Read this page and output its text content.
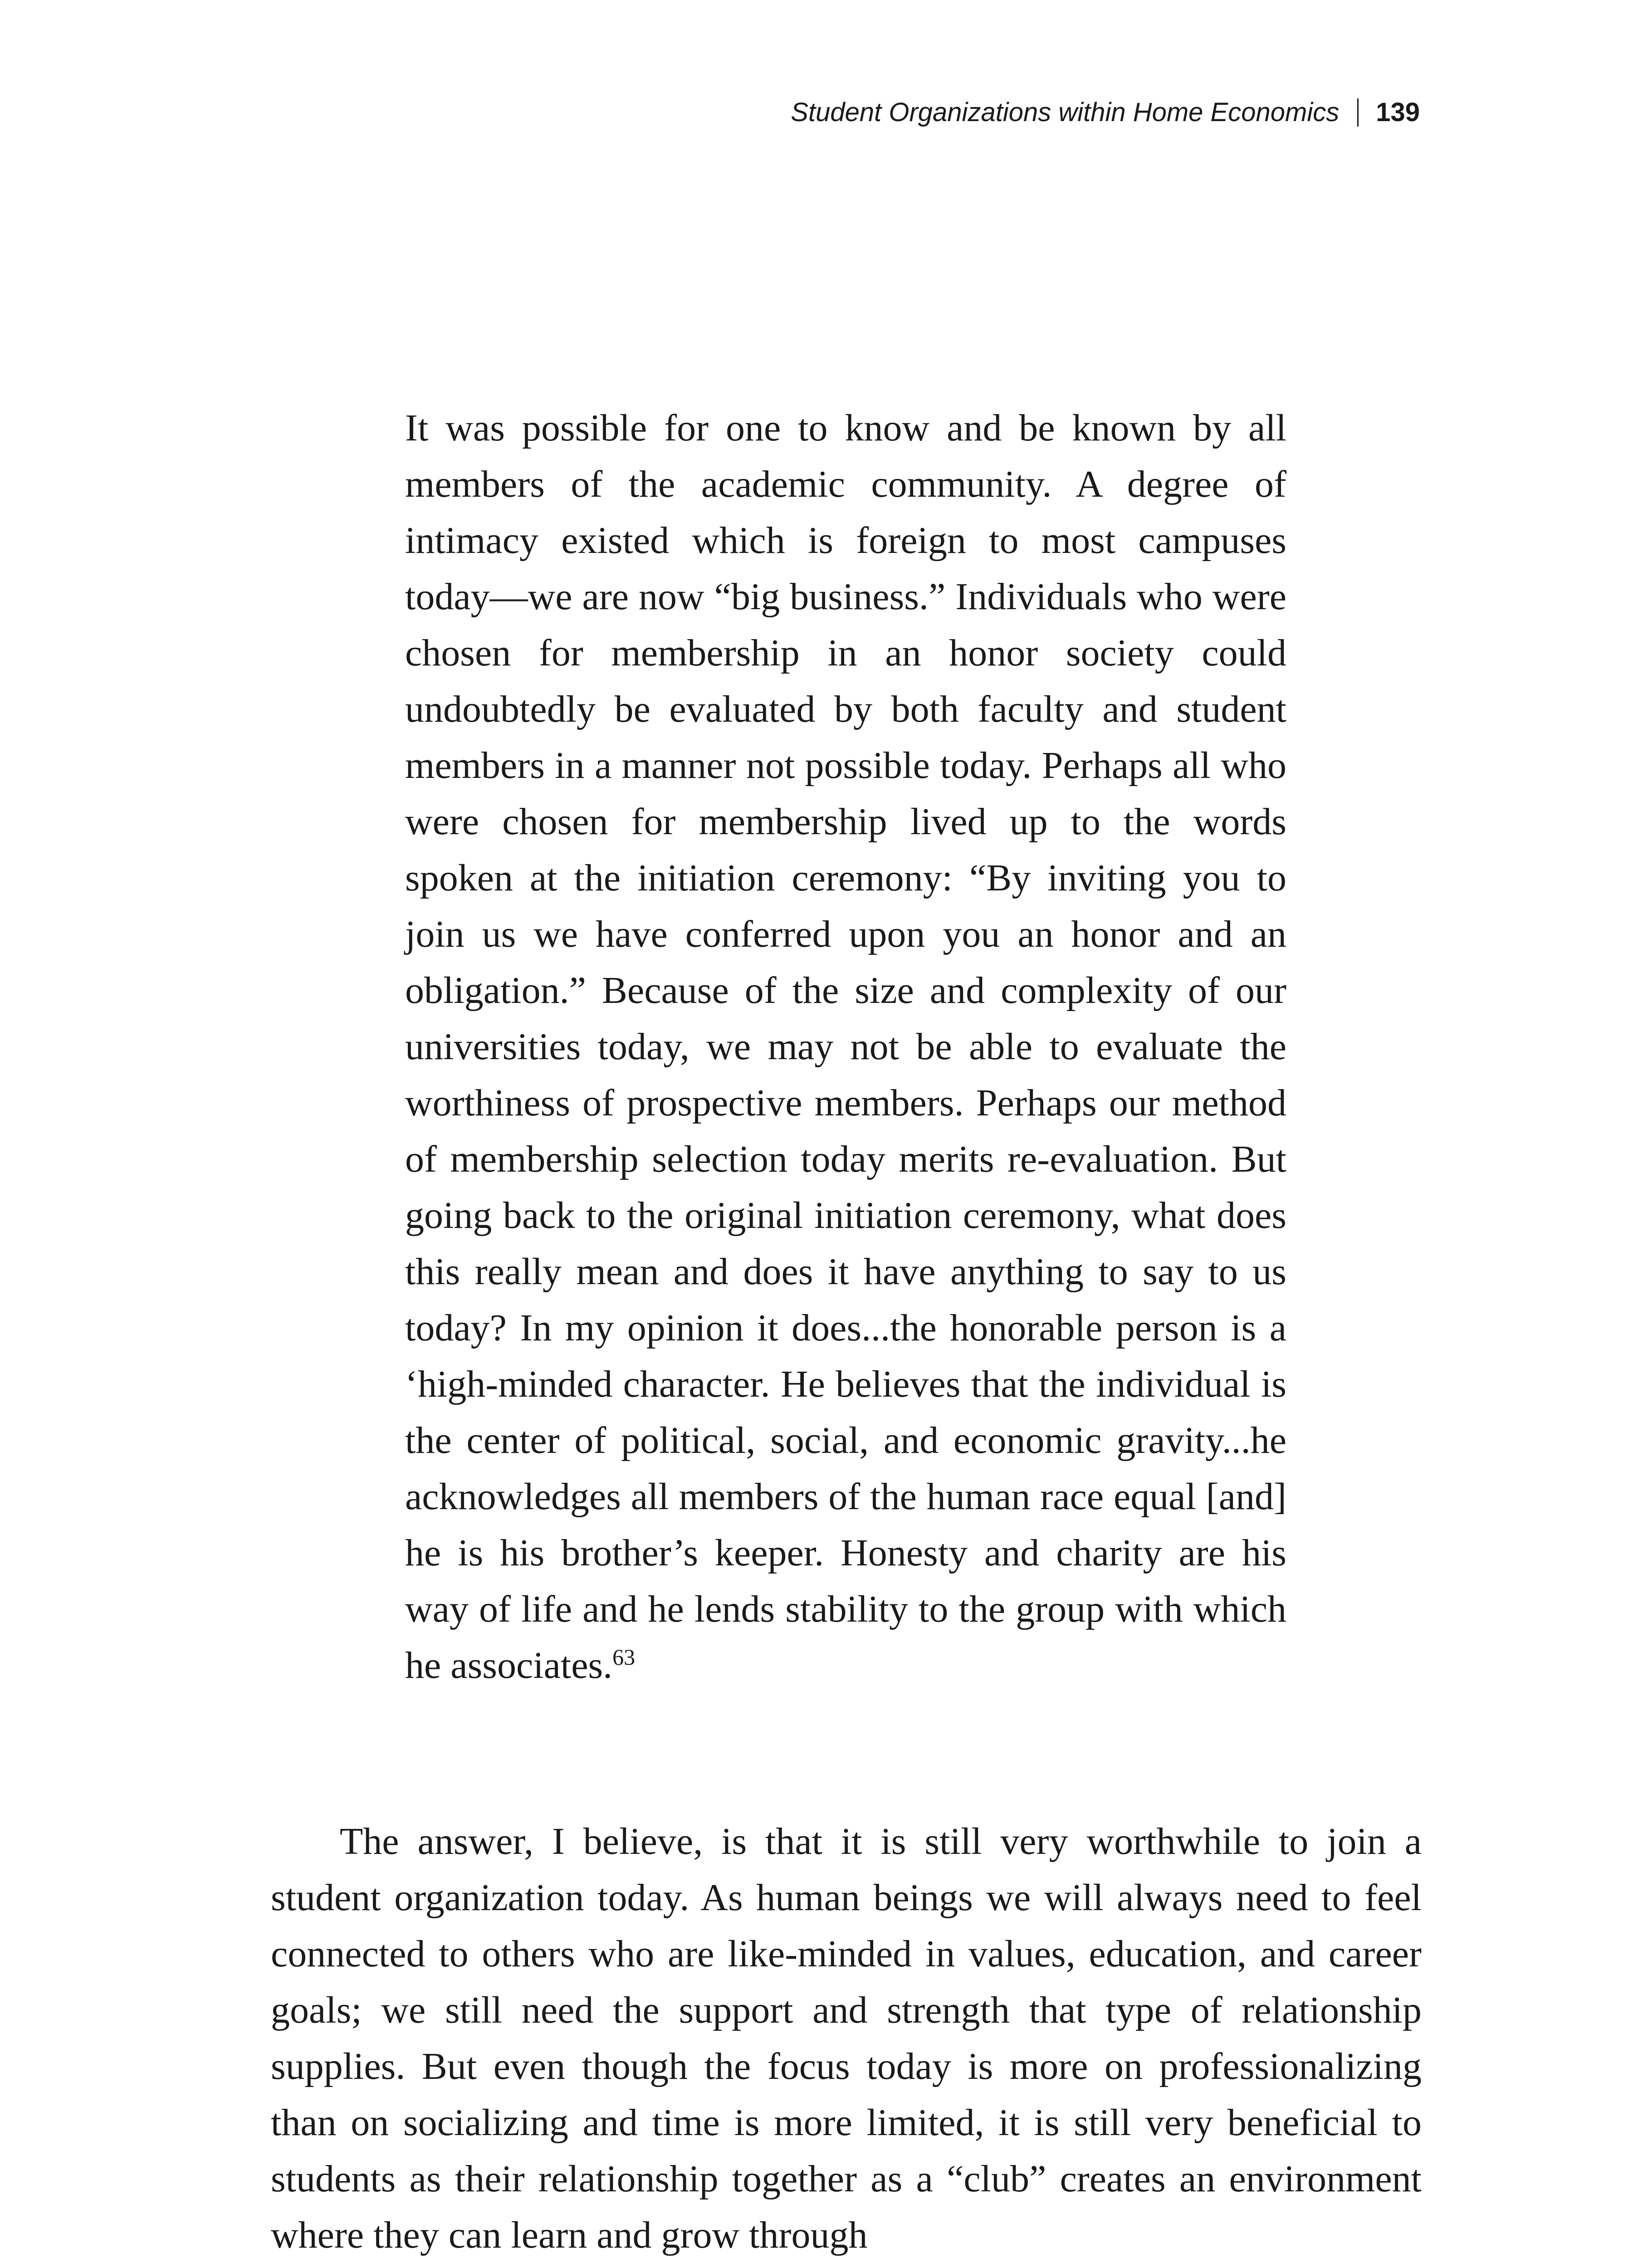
Student Organizations within Home Economics 139

It was possible for one to know and be known by all members of the academic community. A degree of intimacy existed which is foreign to most campuses today—we are now “big business.” Individuals who were chosen for membership in an honor society could undoubtedly be evaluated by both faculty and student members in a manner not possible today. Perhaps all who were chosen for membership lived up to the words spoken at the initiation ceremony: “By inviting you to join us we have conferred upon you an honor and an obligation.” Because of the size and complexity of our universities today, we may not be able to evaluate the worthiness of prospective members. Perhaps our method of membership selection today merits re-evaluation. But going back to the original initiation ceremony, what does this really mean and does it have anything to say to us today? In my opinion it does...the honorable person is a ‘high-minded character. He believes that the individual is the center of political, social, and economic gravity...he acknowledges all members of the human race equal [and] he is his brother’s keeper. Honesty and charity are his way of life and he lends stability to the group with which he associates.$^{63}$

The answer, I believe, is that it is still very worthwhile to join a student organization today. As human beings we will always need to feel connected to others who are like-minded in values, education, and career goals; we still need the support and strength that type of relationship supplies. But even though the focus today is more on professionalizing than on socializing and time is more limited, it is still very beneficial to students as their relationship together as a “club” creates an environment where they can learn and grow through
